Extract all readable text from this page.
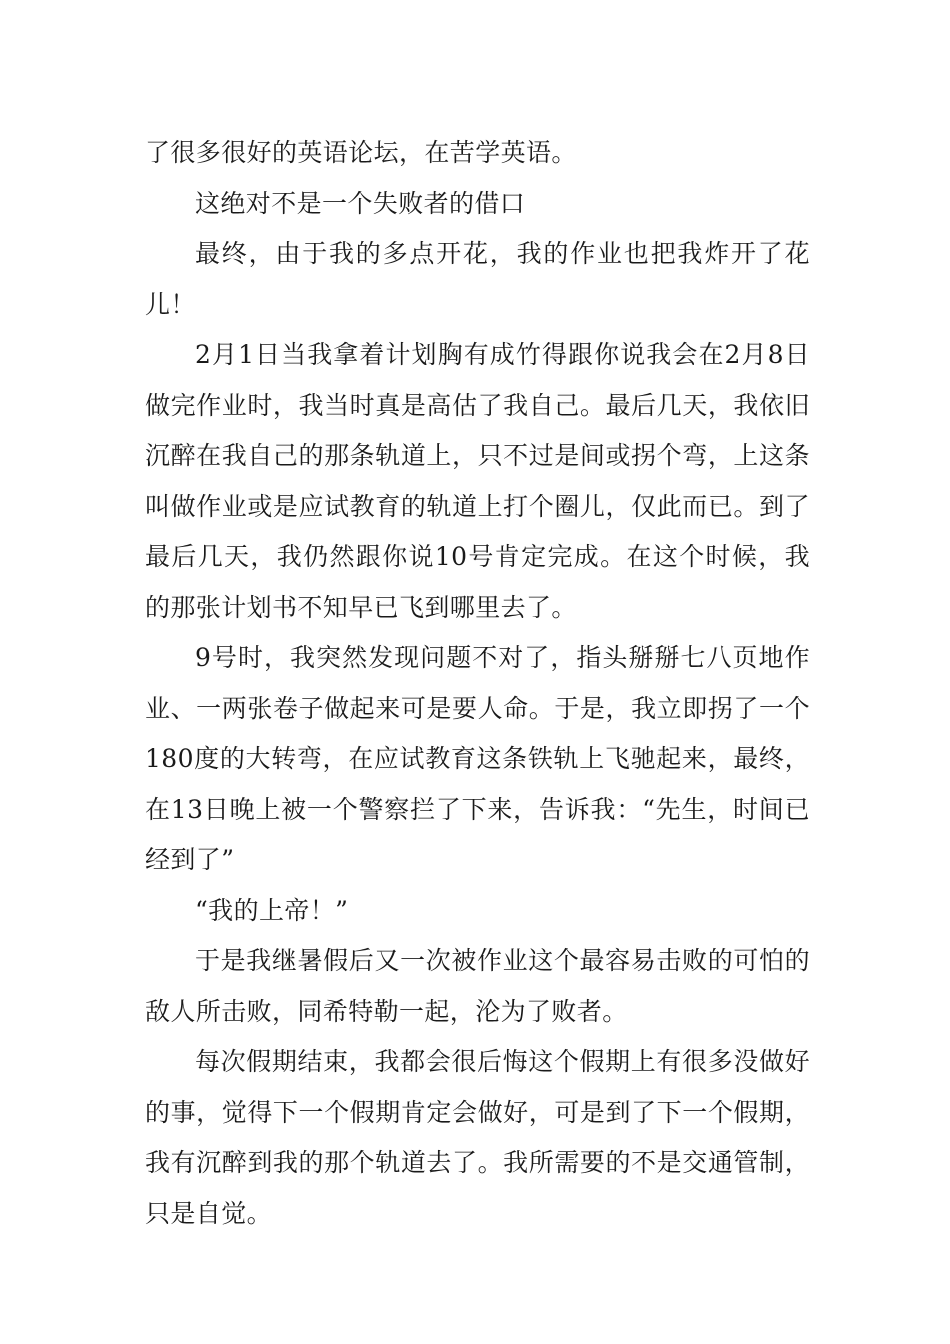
了很多很好的英语论坛，在苦学英语。

这绝对不是一个失败者的借口

最终，由于我的多点开花，我的作业也把我炸开了花儿！

2月1日当我拿着计划胸有成竹得跟你说我会在2月8日做完作业时，我当时真是高估了我自己。最后几天，我依旧沉醉在我自己的那条轨道上，只不过是间或拐个弯，上这条叫做作业或是应试教育的轨道上打个圈儿，仅此而已。到了最后几天，我仍然跟你说10号肯定完成。在这个时候，我的那张计划书不知早已飞到哪里去了。

9号时，我突然发现问题不对了，指头掰掰七八页地作业、一两张卷子做起来可是要人命。于是，我立即拐了一个180度的大转弯，在应试教育这条铁轨上飞驰起来，最终，在13日晚上被一个警察拦了下来，告诉我：“先生，时间已经到了”

“我的上帝！”

于是我继暑假后又一次被作业这个最容易击败的可怕的敌人所击败，同希特勒一起，沦为了败者。

每次假期结束，我都会很后悔这个假期上有很多没做好的事，觉得下一个假期肯定会做好，可是到了下一个假期，我有沉醉到我的那个轨道去了。我所需要的不是交通管制，只是自觉。
